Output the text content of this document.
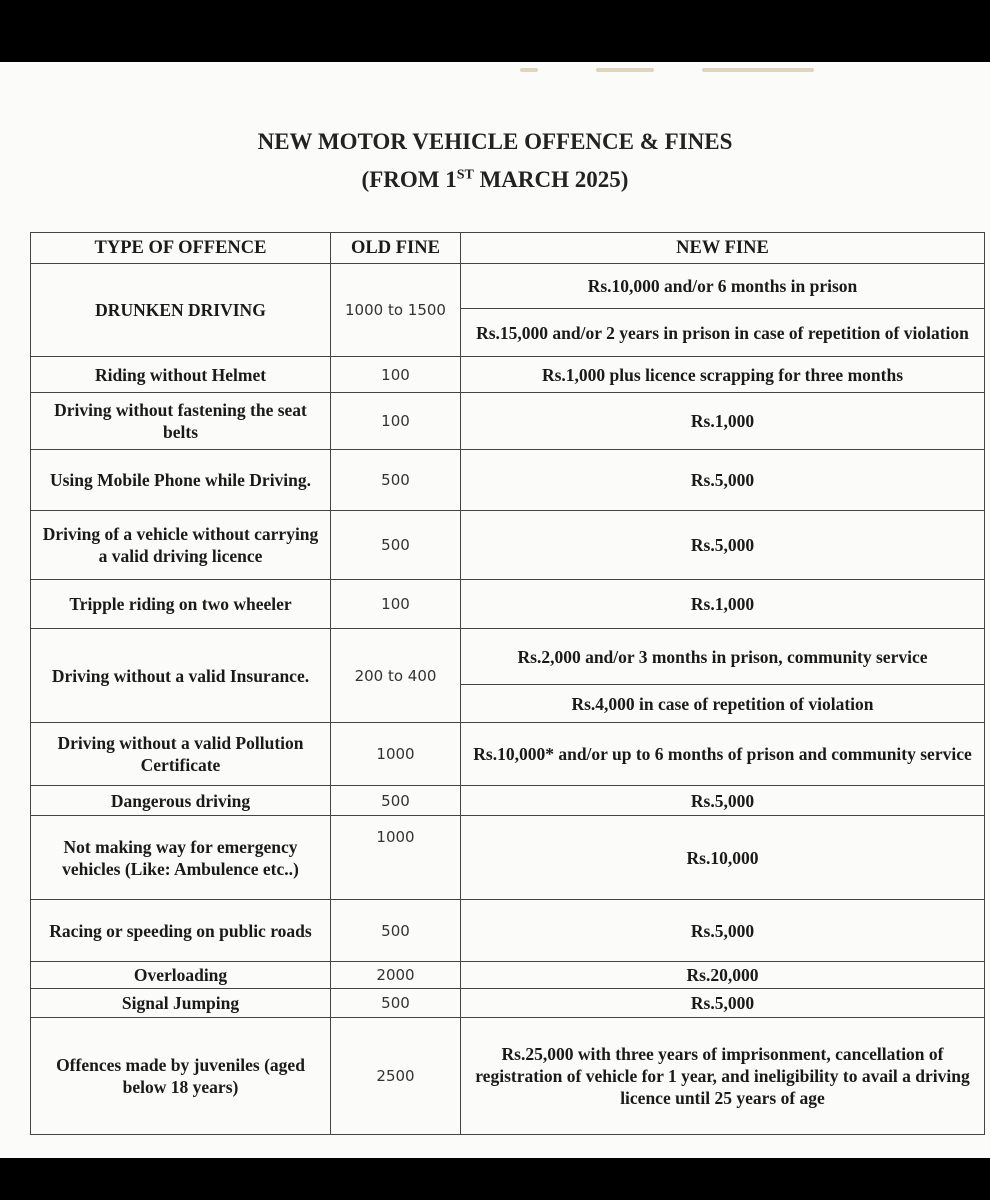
NEW MOTOR VEHICLE OFFENCE & FINES
(FROM 1ST MARCH 2025)
TYPE OF OFFENCE	OLD FINE	NEW FINE
DRUNKEN DRIVING	1000 to 1500	Rs.10,000 and/or 6 months in prison
		Rs.15,000 and/or 2 years in prison in case of repetition of violation
Riding without Helmet	100	Rs.1,000 plus licence scrapping for three months
Driving without fastening the seat belts	100	Rs.1,000
Using Mobile Phone while Driving.	500	Rs.5,000
Driving of a vehicle without carrying a valid driving licence	500	Rs.5,000
Tripple riding on two wheeler	100	Rs.1,000
Driving without a valid Insurance.	200 to 400	Rs.2,000 and/or 3 months in prison, community service
		Rs.4,000 in case of repetition of violation
Driving without a valid Pollution Certificate	1000	Rs.10,000* and/or up to 6 months of prison and community service
Dangerous driving	500	Rs.5,000
Not making way for emergency vehicles (Like: Ambulence etc..)	1000	Rs.10,000
Racing or speeding on public roads	500	Rs.5,000
Overloading	2000	Rs.20,000
Signal Jumping	500	Rs.5,000
Offences made by juveniles (aged below 18 years)	2500	Rs.25,000 with three years of imprisonment, cancellation of registration of vehicle for 1 year, and ineligibility to avail a driving licence until 25 years of age
